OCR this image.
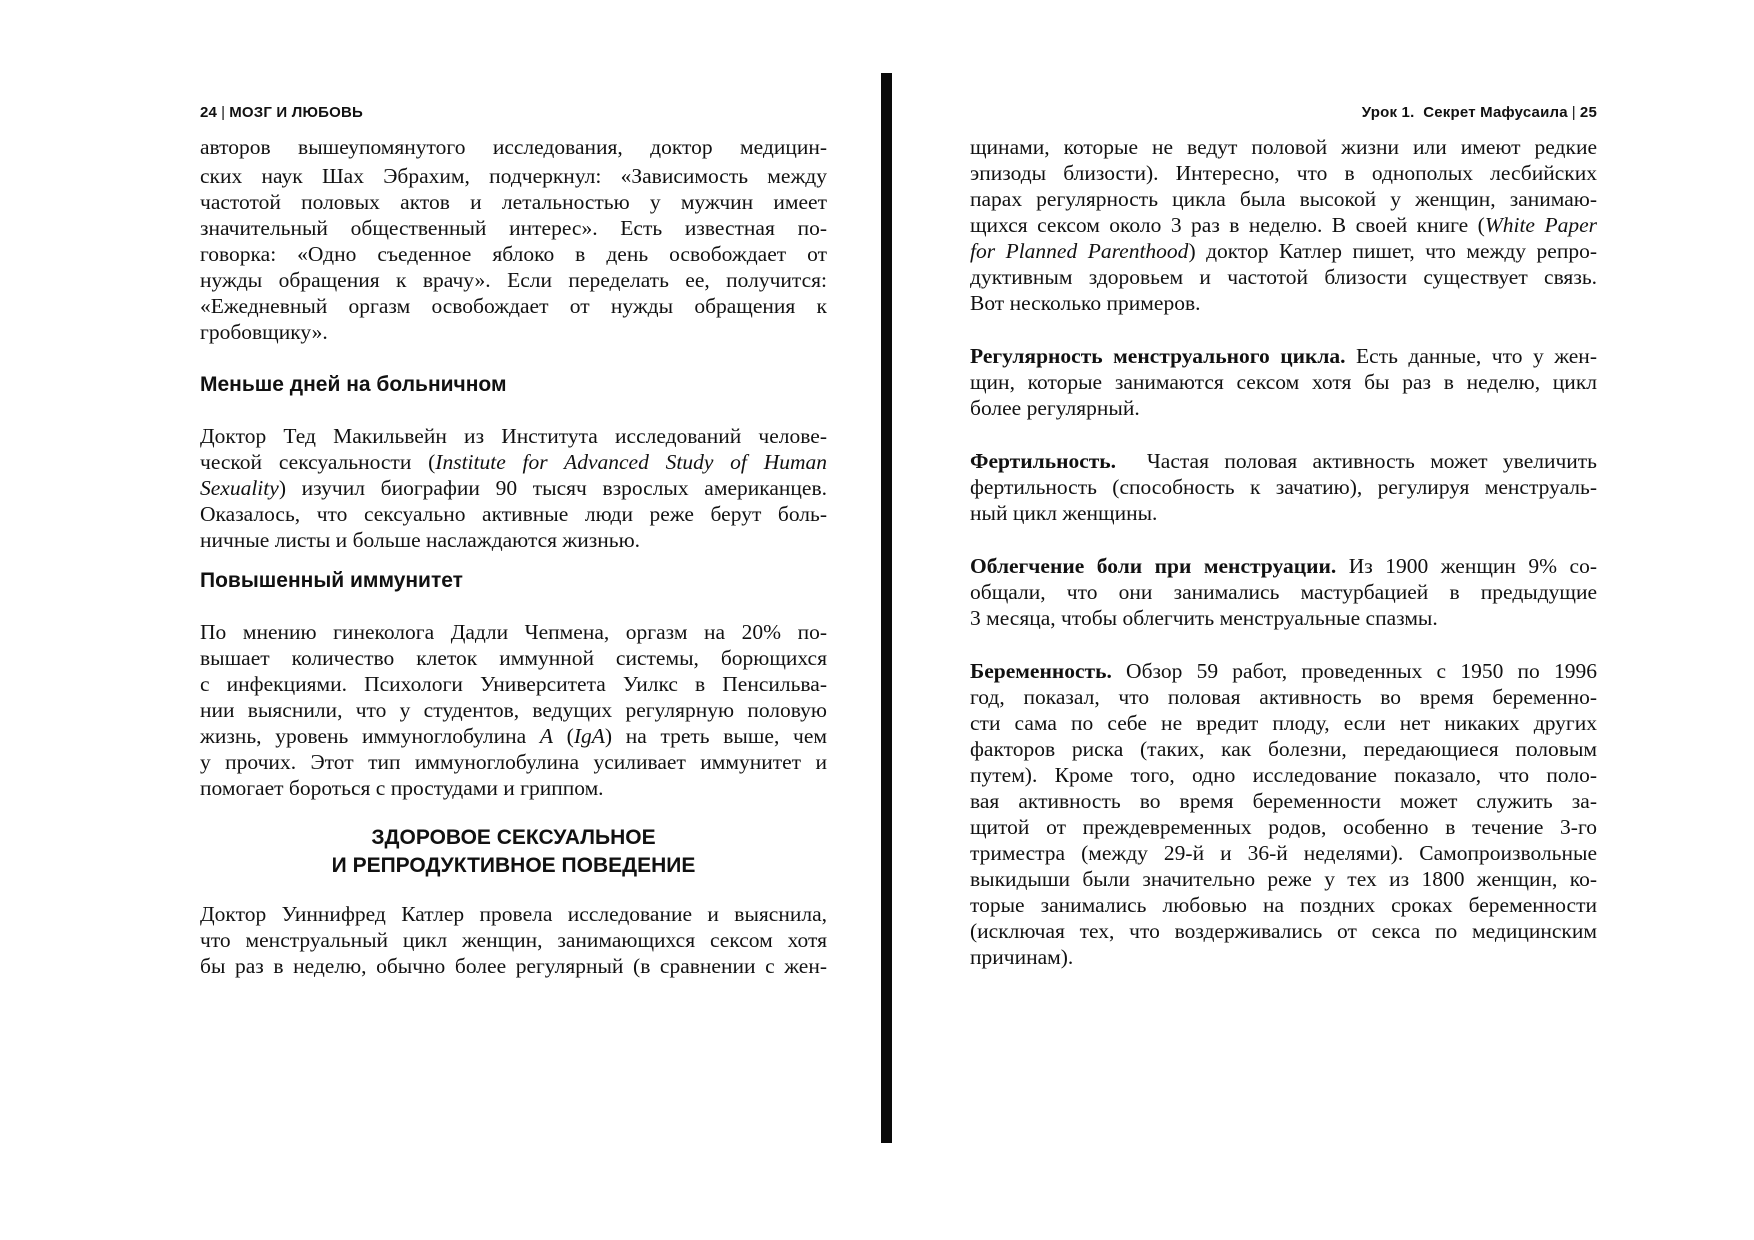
24 | МОЗГ И ЛЮБОВЬ
авторов вышеупомянутого исследования, доктор медицин-
ских наук Шах Эбрахим, подчеркнул: «Зависимость между
частотой половых актов и летальностью у мужчин имеет
значительный общественный интерес». Есть известная по-
говорка: «Одно съеденное яблоко в день освобождает от
нужды обращения к врачу». Если переделать ее, получится:
«Ежедневный оргазм освобождает от нужды обращения к
гробовщику».
Меньше дней на больничном
Доктор Тед Макильвейн из Института исследований челове-
ческой сексуальности (Institute for Advanced Study of Human
Sexuality) изучил биографии 90 тысяч взрослых американцев.
Оказалось, что сексуально активные люди реже берут боль-
ничные листы и больше наслаждаются жизнью.
Повышенный иммунитет
По мнению гинеколога Дадли Чепмена, оргазм на 20% по-
вышает количество клеток иммунной системы, борющихся
с инфекциями. Психологи Университета Уилкс в Пенсильва-
нии выяснили, что у студентов, ведущих регулярную половую
жизнь, уровень иммуноглобулина A (IgA) на треть выше, чем
у прочих. Этот тип иммуноглобулина усиливает иммунитет и
помогает бороться с простудами и гриппом.
ЗДОРОВОЕ СЕКСУАЛЬНОЕ
И РЕПРОДУКТИВНОЕ ПОВЕДЕНИЕ
Доктор Уиннифред Катлер провела исследование и выяснила,
что менструальный цикл женщин, занимающихся сексом хотя
бы раз в неделю, обычно более регулярный (в сравнении с жен-
Урок 1. Секрет Мафусаила | 25
щинами, которые не ведут половой жизни или имеют редкие
эпизоды близости). Интересно, что в однополых лесбийских
парах регулярность цикла была высокой у женщин, занимаю-
щихся сексом около 3 раз в неделю. В своей книге (White Paper
for Planned Parenthood) доктор Катлер пишет, что между репро-
дуктивным здоровьем и частотой близости существует связь.
Вот несколько примеров.
Регулярность менструального цикла. Есть данные, что у жен-
щин, которые занимаются сексом хотя бы раз в неделю, цикл
более регулярный.
Фертильность.  Частая половая активность может увеличить
фертильность (способность к зачатию), регулируя менструаль-
ный цикл женщины.
Облегчение боли при менструации. Из 1900 женщин 9% со-
общали, что они занимались мастурбацией в предыдущие
3 месяца, чтобы облегчить менструальные спазмы.
Беременность. Обзор 59 работ, проведенных с 1950 по 1996
год, показал, что половая активность во время беременно-
сти сама по себе не вредит плоду, если нет никаких других
факторов риска (таких, как болезни, передающиеся половым
путем). Кроме того, одно исследование показало, что поло-
вая активность во время беременности может служить за-
щитой от преждевременных родов, особенно в течение 3-го
триместра (между 29-й и 36-й неделями). Самопроизвольные
выкидыши были значительно реже у тех из 1800 женщин, ко-
торые занимались любовью на поздних сроках беременности
(исключая тех, что воздерживались от секса по медицинским
причинам).
